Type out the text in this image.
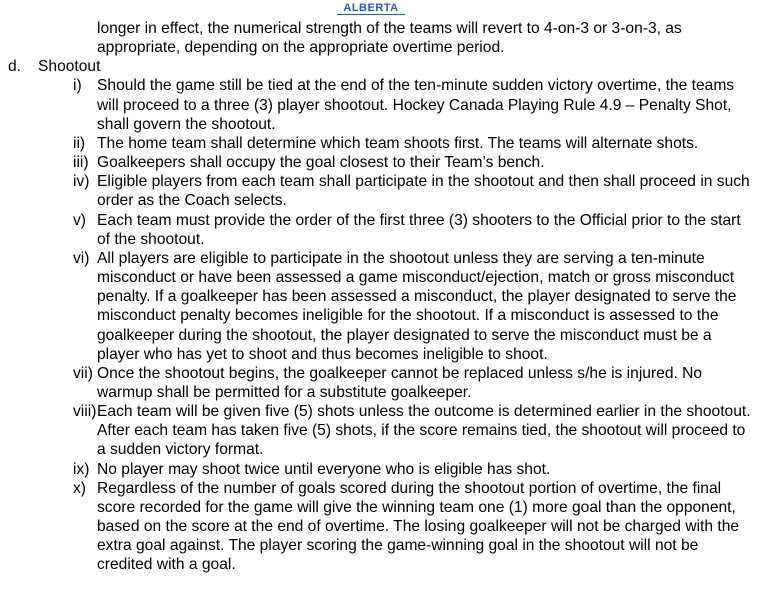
ALBERTA

longer in effect, the numerical strength of the teams will revert to 4-on-3 or 3-on-3, as appropriate, depending on the appropriate overtime period.

d. Shootout
i) Should the game still be tied at the end of the ten-minute sudden victory overtime, the teams will proceed to a three (3) player shootout. Hockey Canada Playing Rule 4.9 – Penalty Shot, shall govern the shootout.
ii) The home team shall determine which team shoots first. The teams will alternate shots.
iii) Goalkeepers shall occupy the goal closest to their Team’s bench.
iv) Eligible players from each team shall participate in the shootout and then shall proceed in such order as the Coach selects.
v) Each team must provide the order of the first three (3) shooters to the Official prior to the start of the shootout.
vi) All players are eligible to participate in the shootout unless they are serving a ten-minute misconduct or have been assessed a game misconduct/ejection, match or gross misconduct penalty. If a goalkeeper has been assessed a misconduct, the player designated to serve the misconduct penalty becomes ineligible for the shootout. If a misconduct is assessed to the goalkeeper during the shootout, the player designated to serve the misconduct must be a player who has yet to shoot and thus becomes ineligible to shoot.
vii) Once the shootout begins, the goalkeeper cannot be replaced unless s/he is injured. No warmup shall be permitted for a substitute goalkeeper.
viii) Each team will be given five (5) shots unless the outcome is determined earlier in the shootout. After each team has taken five (5) shots, if the score remains tied, the shootout will proceed to a sudden victory format.
ix) No player may shoot twice until everyone who is eligible has shot.
x) Regardless of the number of goals scored during the shootout portion of overtime, the final score recorded for the game will give the winning team one (1) more goal than the opponent, based on the score at the end of overtime. The losing goalkeeper will not be charged with the extra goal against. The player scoring the game-winning goal in the shootout will not be credited with a goal.
